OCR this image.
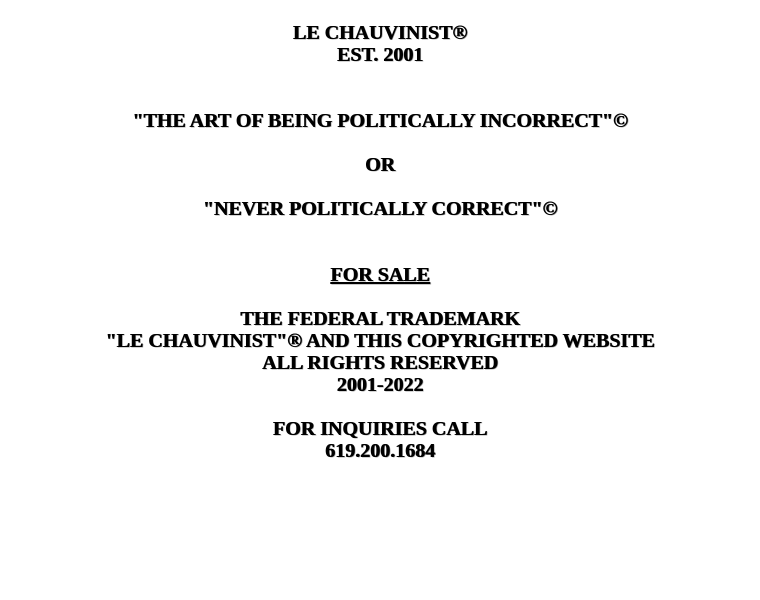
LE CHAUVINIST®
EST. 2001
"THE ART OF BEING POLITICALLY INCORRECT"©
OR
"NEVER POLITICALLY CORRECT"©
FOR SALE
THE FEDERAL TRADEMARK
"LE CHAUVINIST"® AND THIS COPYRIGHTED WEBSITE
ALL RIGHTS RESERVED
2001-2022
FOR INQUIRIES CALL
619.200.1684
